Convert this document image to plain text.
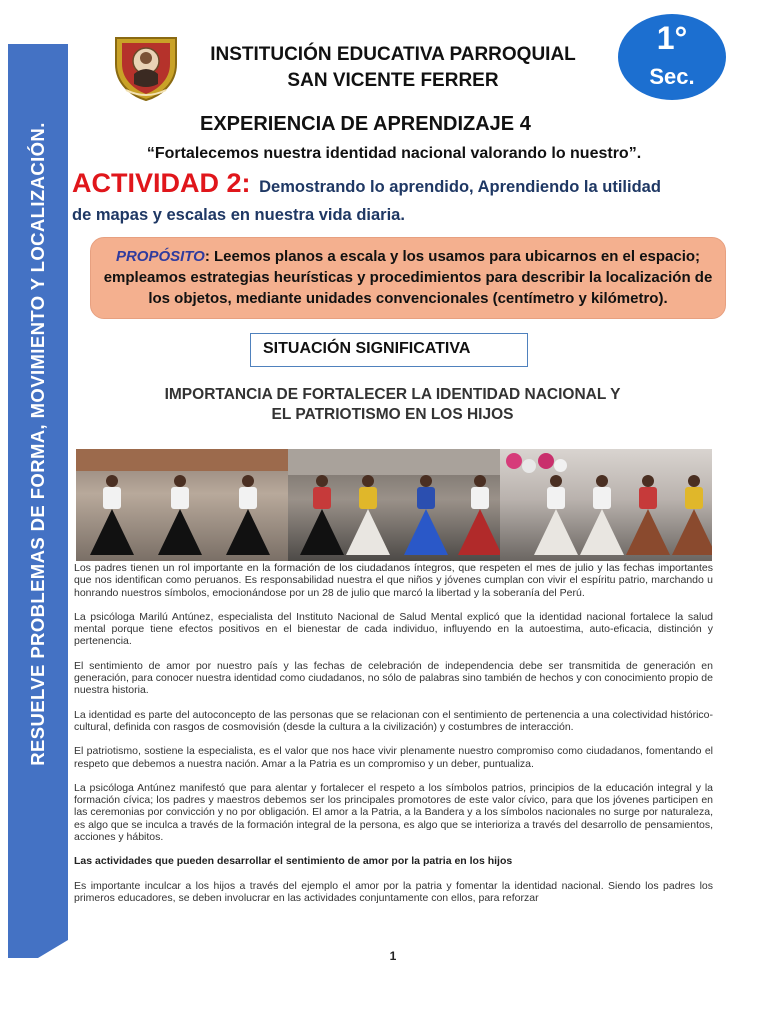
RESUELVE PROBLEMAS DE FORMA, MOVIMIENTO Y LOCALIZACIÓN.
INSTITUCIÓN EDUCATIVA PARROQUIAL
SAN VICENTE FERRER
1°
Sec.
EXPERIENCIA DE APRENDIZAJE 4
“Fortalecemos nuestra identidad nacional valorando lo nuestro”.
ACTIVIDAD 2: Demostrando lo aprendido, Aprendiendo la utilidad
de mapas y escalas en nuestra vida diaria.
PROPÓSITO: Leemos planos a escala y los usamos para ubicarnos en el espacio; empleamos estrategias heurísticas y procedimientos para describir la localización de los objetos, mediante unidades convencionales (centímetro y kilómetro).
SITUACIÓN SIGNIFICATIVA
IMPORTANCIA DE FORTALECER LA IDENTIDAD NACIONAL Y
EL PATRIOTISMO EN LOS HIJOS

Los padres tienen un rol importante en la formación de los ciudadanos íntegros, que respeten el mes de julio y las fechas importantes que nos identifican como peruanos. Es responsabilidad nuestra el que niños y jóvenes cumplan con vivir el espíritu patrio, marchando u honrando nuestros símbolos, emocionándose por un 28 de julio que marcó la libertad y la soberanía del Perú.

La psicóloga Marilú Antúnez, especialista del Instituto Nacional de Salud Mental explicó que la identidad nacional fortalece la salud mental porque tiene efectos positivos en el bienestar de cada individuo, influyendo en la autoestima, auto-eficacia, distinción y pertenencia.

El sentimiento de amor por nuestro país y las fechas de celebración de independencia debe ser transmitida de generación en generación, para conocer nuestra identidad como ciudadanos, no sólo de palabras sino también de hechos y con conocimiento propio de nuestra historia.

La identidad es parte del autoconcepto de las personas que se relacionan con el sentimiento de pertenencia a una colectividad histórico-cultural, definida con rasgos de cosmovisión (desde la cultura a la civilización) y costumbres de interacción.

El patriotismo, sostiene la especialista, es el valor que nos hace vivir plenamente nuestro compromiso como ciudadanos, fomentando el respeto que debemos a nuestra nación. Amar a la Patria es un compromiso y un deber, puntualiza.

La psicóloga Antúnez manifestó que para alentar y fortalecer el respeto a los símbolos patrios, principios de la educación integral y la formación cívica; los padres y maestros debemos ser los principales promotores de este valor cívico, para que los jóvenes participen en las ceremonias por convicción y no por obligación. El amor a la Patria, a la Bandera y a los símbolos nacionales no surge por naturaleza, es algo que se inculca a través de la formación integral de la persona, es algo que se interioriza a través del desarrollo de pensamientos, acciones y hábitos.

Las actividades que pueden desarrollar el sentimiento de amor por la patria en los hijos

Es importante inculcar a los hijos a través del ejemplo el amor por la patria y fomentar la identidad nacional. Siendo los padres los primeros educadores, se deben involucrar en las actividades conjuntamente con ellos, para reforzar

1
